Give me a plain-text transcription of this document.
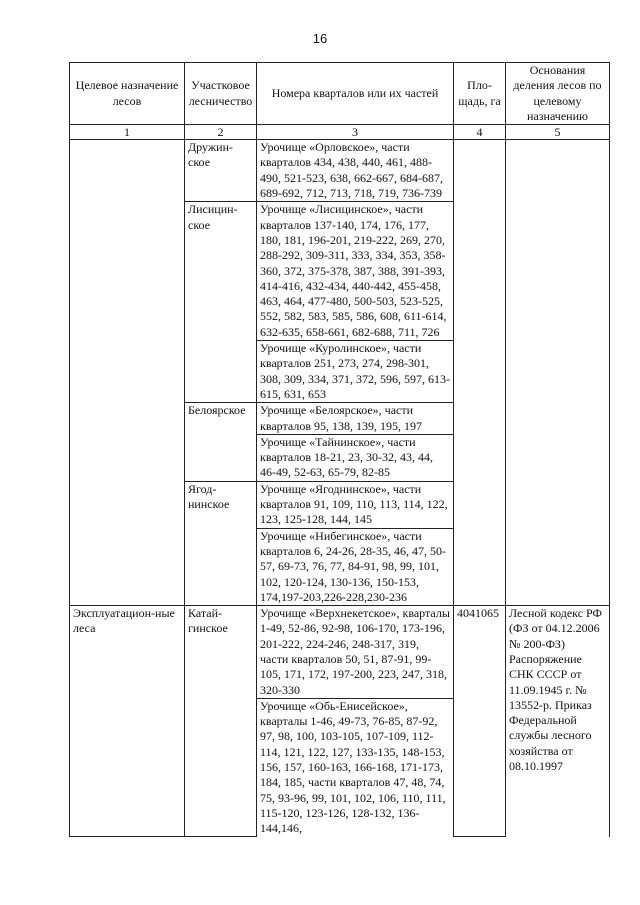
16
Целевое назначение лесов	Участковое лесничество	Номера кварталов или их частей	Пло-щадь, га	Основания деления лесов по целевому назначению
1	2	3	4	5
	Дружин-ское	Урочище «Орловское», части кварталов 434, 438, 440, 461, 488-490, 521-523, 638, 662-667, 684-687, 689-692, 712, 713, 718, 719, 736-739		
	Лисицин-ское	Урочище «Лисицинское», части кварталов 137-140, 174, 176, 177, 180, 181, 196-201, 219-222, 269, 270, 288-292, 309-311, 333, 334, 353, 358-360, 372, 375-378, 387, 388, 391-393, 414-416, 432-434, 440-442, 455-458, 463, 464, 477-480, 500-503, 523-525, 552, 582, 583, 585, 586, 608, 611-614, 632-635, 658-661, 682-688, 711, 726		
		Урочище «Куролинское», части кварталов 251, 273, 274, 298-301, 308, 309, 334, 371, 372, 596, 597, 613-615, 631, 653		
	Белоярское	Урочище «Белоярское», части кварталов 95, 138, 139, 195, 197		
		Урочище «Тайнинское», части кварталов 18-21, 23, 30-32, 43, 44, 46-49, 52-63, 65-79, 82-85		
	Ягод-нинское	Урочище «Ягоднинское», части кварталов 91, 109, 110, 113, 114, 122, 123, 125-128, 144, 145		
		Урочище «Нибегинское», части кварталов 6, 24-26, 28-35, 46, 47, 50-57, 69-73, 76, 77, 84-91, 98, 99, 101, 102, 120-124, 130-136, 150-153, 174,197-203,226-228,230-236		
Эксплуатацион-ные леса	Катай-гинское	Урочище «Верхнекетское», кварталы 1-49, 52-86, 92-98, 106-170, 173-196, 201-222, 224-246, 248-317, 319, части кварталов 50, 51, 87-91, 99-105, 171, 172, 197-200, 223, 247, 318, 320-330	4041065	Лесной кодекс РФ (ФЗ от 04.12.2006 № 200-ФЗ) Распоряжение СНК СССР от 11.09.1945 г. № 13552-р. Приказ Федеральной службы лесного хозяйства от 08.10.1997
		Урочище «Обь-Енисейское», кварталы 1-46, 49-73, 76-85, 87-92, 97, 98, 100, 103-105, 107-109, 112-114, 121, 122, 127, 133-135, 148-153, 156, 157, 160-163, 166-168, 171-173, 184, 185, части кварталов 47, 48, 74, 75, 93-96, 99, 101, 102, 106, 110, 111, 115-120, 123-126, 128-132, 136-144,146,		
